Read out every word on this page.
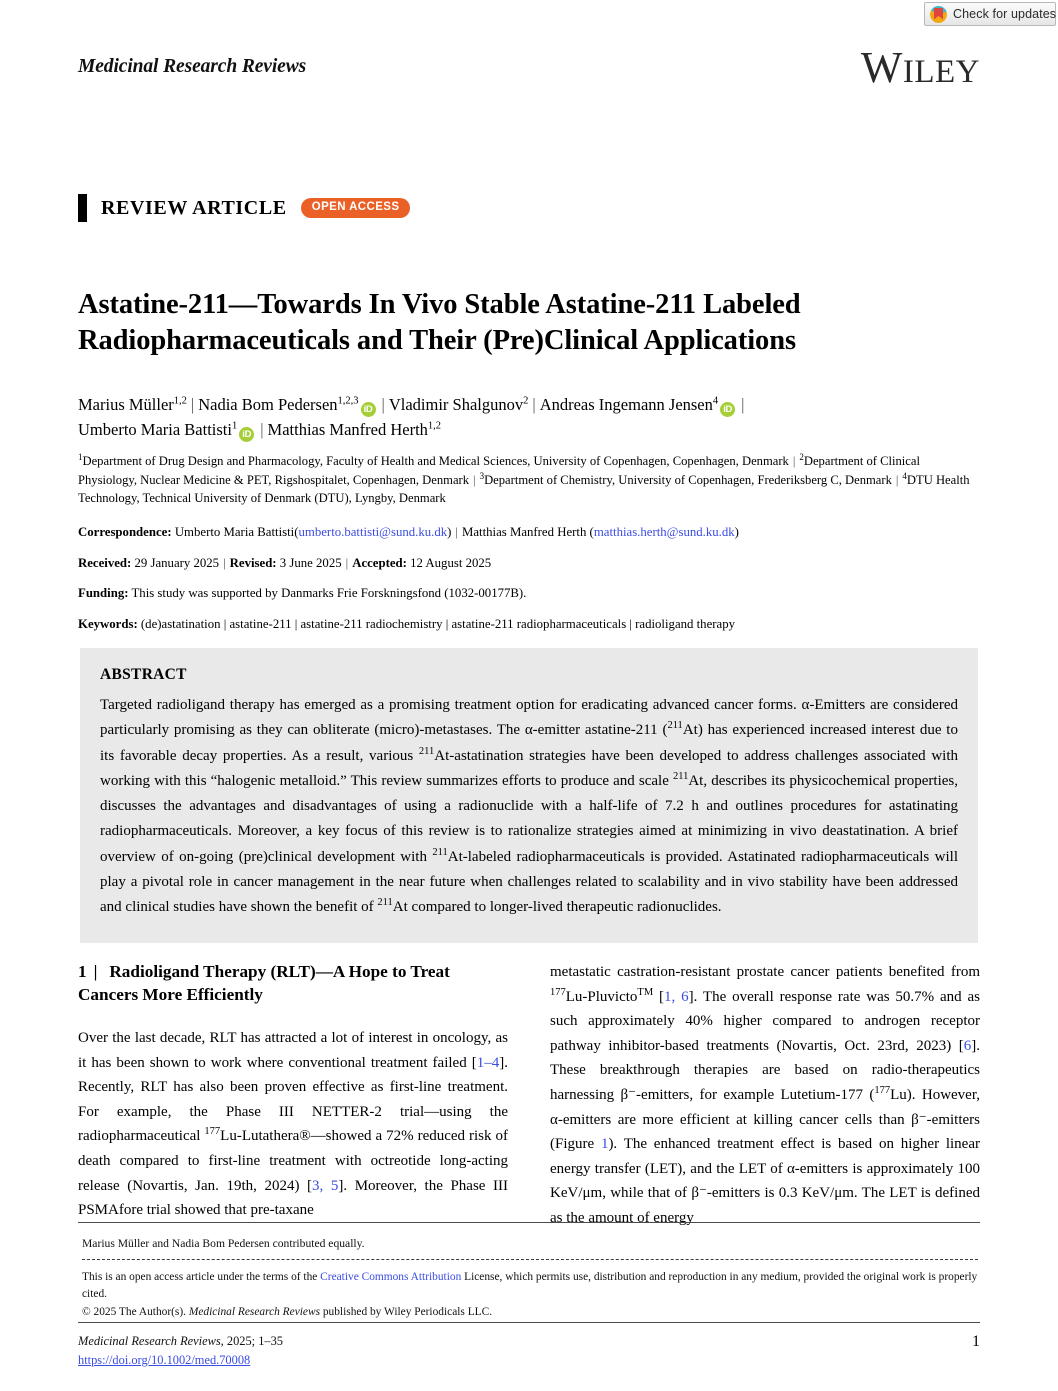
Check for updates
Medicinal Research Reviews	WILEY
REVIEW ARTICLE	OPEN ACCESS
Astatine-211—Towards In Vivo Stable Astatine-211 Labeled Radiopharmaceuticals and Their (Pre)Clinical Applications
Marius Müller$^{1,2}$ | Nadia Bom Pedersen$^{1,2,3}$iD | Vladimir Shalgunov$^2$ | Andreas Ingemann Jensen$^4$iD |
Umberto Maria Battisti$^1$iD | Matthias Manfred Herth$^{1,2}$
$^1$Department of Drug Design and Pharmacology, Faculty of Health and Medical Sciences, University of Copenhagen, Copenhagen, Denmark | $^2$Department of Clinical Physiology, Nuclear Medicine & PET, Rigshospitalet, Copenhagen, Denmark | $^3$Department of Chemistry, University of Copenhagen, Frederiksberg C, Denmark | $^4$DTU Health Technology, Technical University of Denmark (DTU), Lyngby, Denmark
Correspondence: Umberto Maria Battisti(umberto.battisti@sund.ku.dk) | Matthias Manfred Herth (matthias.herth@sund.ku.dk)
Received: 29 January 2025 | Revised: 3 June 2025 | Accepted: 12 August 2025
Funding: This study was supported by Danmarks Frie Forskningsfond (1032-00177B).
Keywords: (de)astatination | astatine-211 | astatine-211 radiochemistry | astatine-211 radiopharmaceuticals | radioligand therapy
ABSTRACT
Targeted radioligand therapy has emerged as a promising treatment option for eradicating advanced cancer forms. α-Emitters are considered particularly promising as they can obliterate (micro)-metastases. The α-emitter astatine-211 ($^{211}$At) has experienced increased interest due to its favorable decay properties. As a result, various $^{211}$At-astatination strategies have been developed to address challenges associated with working with this “halogenic metalloid.” This review summarizes efforts to produce and scale $^{211}$At, describes its physicochemical properties, discusses the advantages and disadvantages of using a radionuclide with a half-life of 7.2 h and outlines procedures for astatinating radiopharmaceuticals. Moreover, a key focus of this review is to rationalize strategies aimed at minimizing in vivo deastatination. A brief overview of on-going (pre)clinical development with $^{211}$At-labeled radiopharmaceuticals is provided. Astatinated radiopharmaceuticals will play a pivotal role in cancer management in the near future when challenges related to scalability and in vivo stability have been addressed and clinical studies have shown the benefit of $^{211}$At compared to longer-lived therapeutic radionuclides.
1 | Radioligand Therapy (RLT)—A Hope to Treat Cancers More Efficiently

Over the last decade, RLT has attracted a lot of interest in oncology, as it has been shown to work where conventional treatment failed [1–4]. Recently, RLT has also been proven effective as first-line treatment. For example, the Phase III NETTER-2 trial—using the radiopharmaceutical $^{177}$Lu-Lutathera®—showed a 72% reduced risk of death compared to first-line treatment with octreotide long-acting release (Novartis, Jan. 19th, 2024) [3, 5]. Moreover, the Phase III PSMAfore trial showed that pre-taxane

metastatic castration-resistant prostate cancer patients benefited from $^{177}$Lu-Pluvicto™ [1, 6]. The overall response rate was 50.7% and as such approximately 40% higher compared to androgen receptor pathway inhibitor-based treatments (Novartis, Oct. 23rd, 2023) [6]. These breakthrough therapies are based on radio-therapeutics harnessing β⁻-emitters, for example Lutetium-177 ($^{177}$Lu). However, α-emitters are more efficient at killing cancer cells than β⁻-emitters (Figure 1). The enhanced treatment effect is based on higher linear energy transfer (LET), and the LET of α-emitters is approximately 100 KeV/μm, while that of β⁻-emitters is 0.3 KeV/μm. The LET is defined as the amount of energy

Marius Müller and Nadia Bom Pedersen contributed equally.
This is an open access article under the terms of the Creative Commons Attribution License, which permits use, distribution and reproduction in any medium, provided the original work is properly cited.
© 2025 The Author(s). Medicinal Research Reviews published by Wiley Periodicals LLC.
Medicinal Research Reviews, 2025; 1–35
https://doi.org/10.1002/med.70008
1
